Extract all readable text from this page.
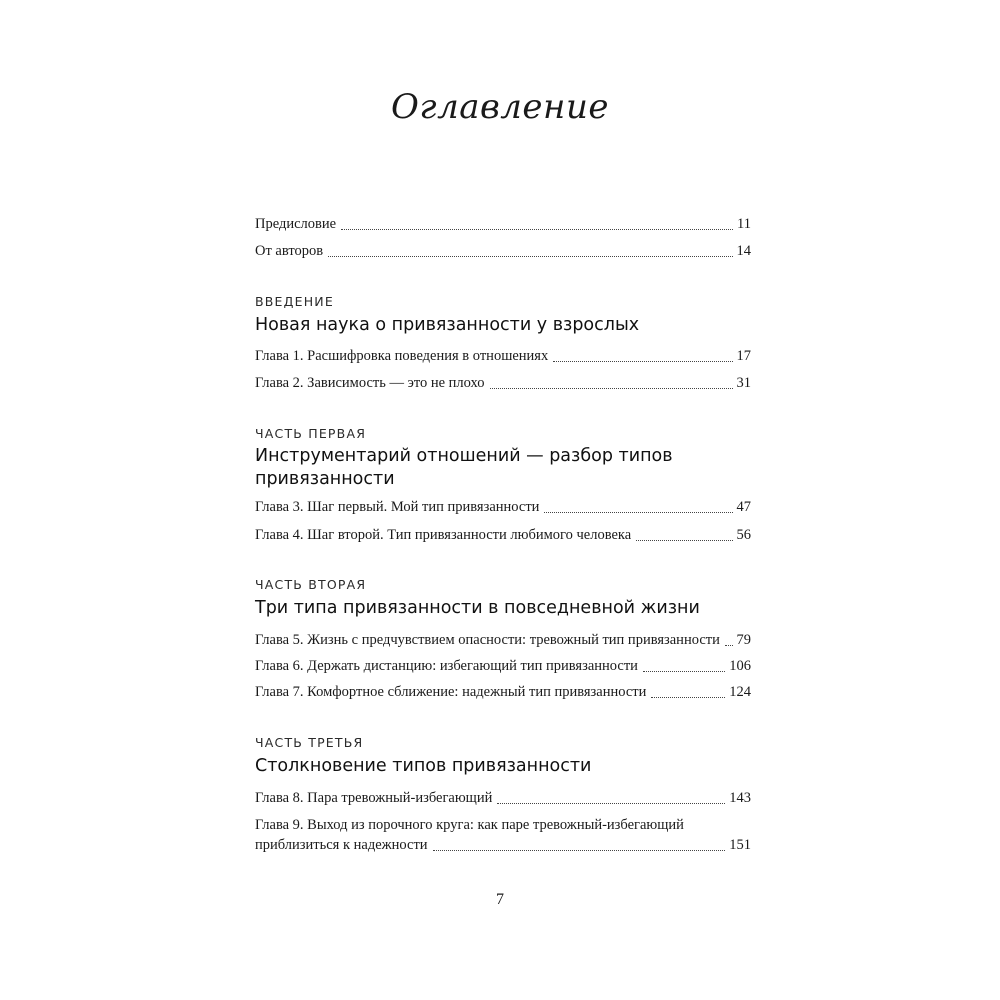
Оглавление
Предисловие	11
От авторов	14
ВВЕДЕНИЕ
Новая наука о привязанности у взрослых
Глава 1. Расшифровка поведения в отношениях	17
Глава 2. Зависимость — это не плохо	31
ЧАСТЬ ПЕРВАЯ
Инструментарий отношений — разбор типов
привязанности
Глава 3. Шаг первый. Мой тип привязанности	47
Глава 4. Шаг второй. Тип привязанности любимого человека	56
ЧАСТЬ ВТОРАЯ
Три типа привязанности в повседневной жизни
Глава 5. Жизнь с предчувствием опасности: тревожный тип привязанности 79
Глава 6. Держать дистанцию: избегающий тип привязанности	106
Глава 7. Комфортное сближение: надежный тип привязанности	124
ЧАСТЬ ТРЕТЬЯ
Столкновение типов привязанности
Глава 8. Пара тревожный-избегающий	143
Глава 9. Выход из порочного круга: как паре тревожный-избегающий
приблизиться к надежности	151
7
